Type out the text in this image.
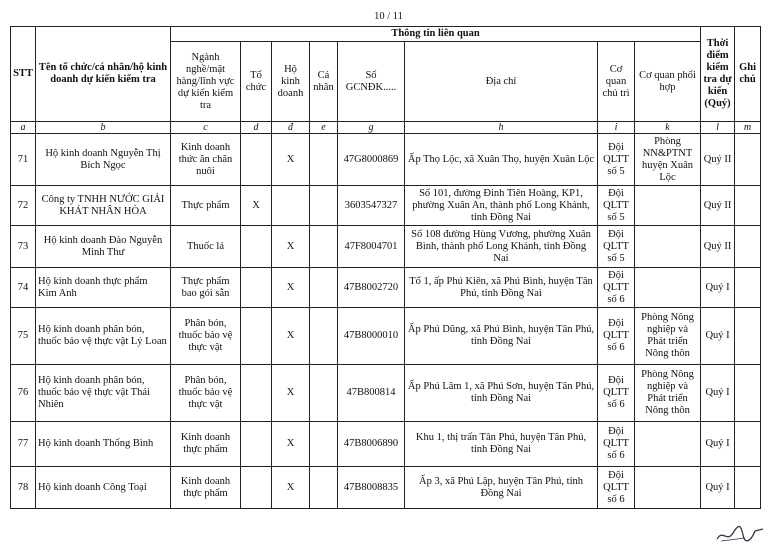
10 / 11
STT	Tên tổ chức/cá nhân/hộ kinh doanh dự kiến kiểm tra	Thông tin liên quan								Thời điểm kiểm tra dự kiến (Quý)	Ghi chú
		Ngành nghề/mặt hàng/lĩnh vực dự kiến kiểm tra	Tổ chức	Hộ kinh doanh	Cá nhân	Số GCNĐK.....	Địa chỉ	Cơ quan chủ trì	Cơ quan phối hợp		
a	b	c	d	đ	e	g	h	i	k	l	m
71	Hộ kinh doanh Nguyễn Thị Bích Ngọc	Kinh doanh thức ăn chăn nuôi		X		47G8000869	Ấp Thọ Lộc, xã Xuân Thọ, huyện Xuân Lộc	Đội QLTT số 5	Phòng NN&PTNT huyện Xuân Lộc	Quý II	
72	Công ty TNHH NƯỚC GIẢI KHÁT NHÂN HÒA	Thực phẩm	X			3603547327	Số 101, đường Đinh Tiên Hoàng, KP1, phường Xuân An, thành phố Long Khánh, tỉnh Đồng Nai	Đội QLTT số 5		Quý II	
73	Hộ kinh doanh Đào Nguyễn Minh Thư	Thuốc lá		X		47F8004701	Số 108 đường Hùng Vương, phường Xuân Bình, thành phố Long Khánh, tỉnh Đồng Nai	Đội QLTT số 5		Quý II	
74	Hộ kinh doanh thực phẩm Kim Anh	Thực phẩm bao gói sẵn		X		47B8002720	Tổ 1, ấp Phú Kiên, xã Phú Bình, huyện Tân Phú, tỉnh Đồng Nai	Đội QLTT số 6		Quý I	
75	Hộ kinh doanh phân bón, thuốc bảo vệ thực vật Lý Loan	Phân bón, thuốc bảo vệ thực vật		X		47B8000010	Ấp Phú Dũng, xã Phú Bình, huyện Tân Phú, tỉnh Đồng Nai	Đội QLTT số 6	Phòng Nông nghiệp và Phát triển Nông thôn	Quý I	
76	Hộ kinh doanh phân bón, thuốc bảo vệ thực vật Thái Nhiên	Phân bón, thuốc bảo vệ thực vật		X		47B800814	Ấp Phú Lâm 1, xã Phú Sơn, huyện Tân Phú, tỉnh Đồng Nai	Đội QLTT số 6	Phòng Nông nghiệp và Phát triển Nông thôn	Quý I	
77	Hộ kinh doanh Thống Bình	Kinh doanh thực phẩm		X		47B8006890	Khu 1, thị trấn Tân Phú, huyện Tân Phú, tỉnh Đồng Nai	Đội QLTT số 6		Quý I	
78	Hộ kinh doanh Công Toại	Kinh doanh thực phẩm		X		47B8008835	Ấp 3, xã Phú Lập, huyện Tân Phú, tỉnh Đồng Nai	Đội QLTT số 6		Quý I	
